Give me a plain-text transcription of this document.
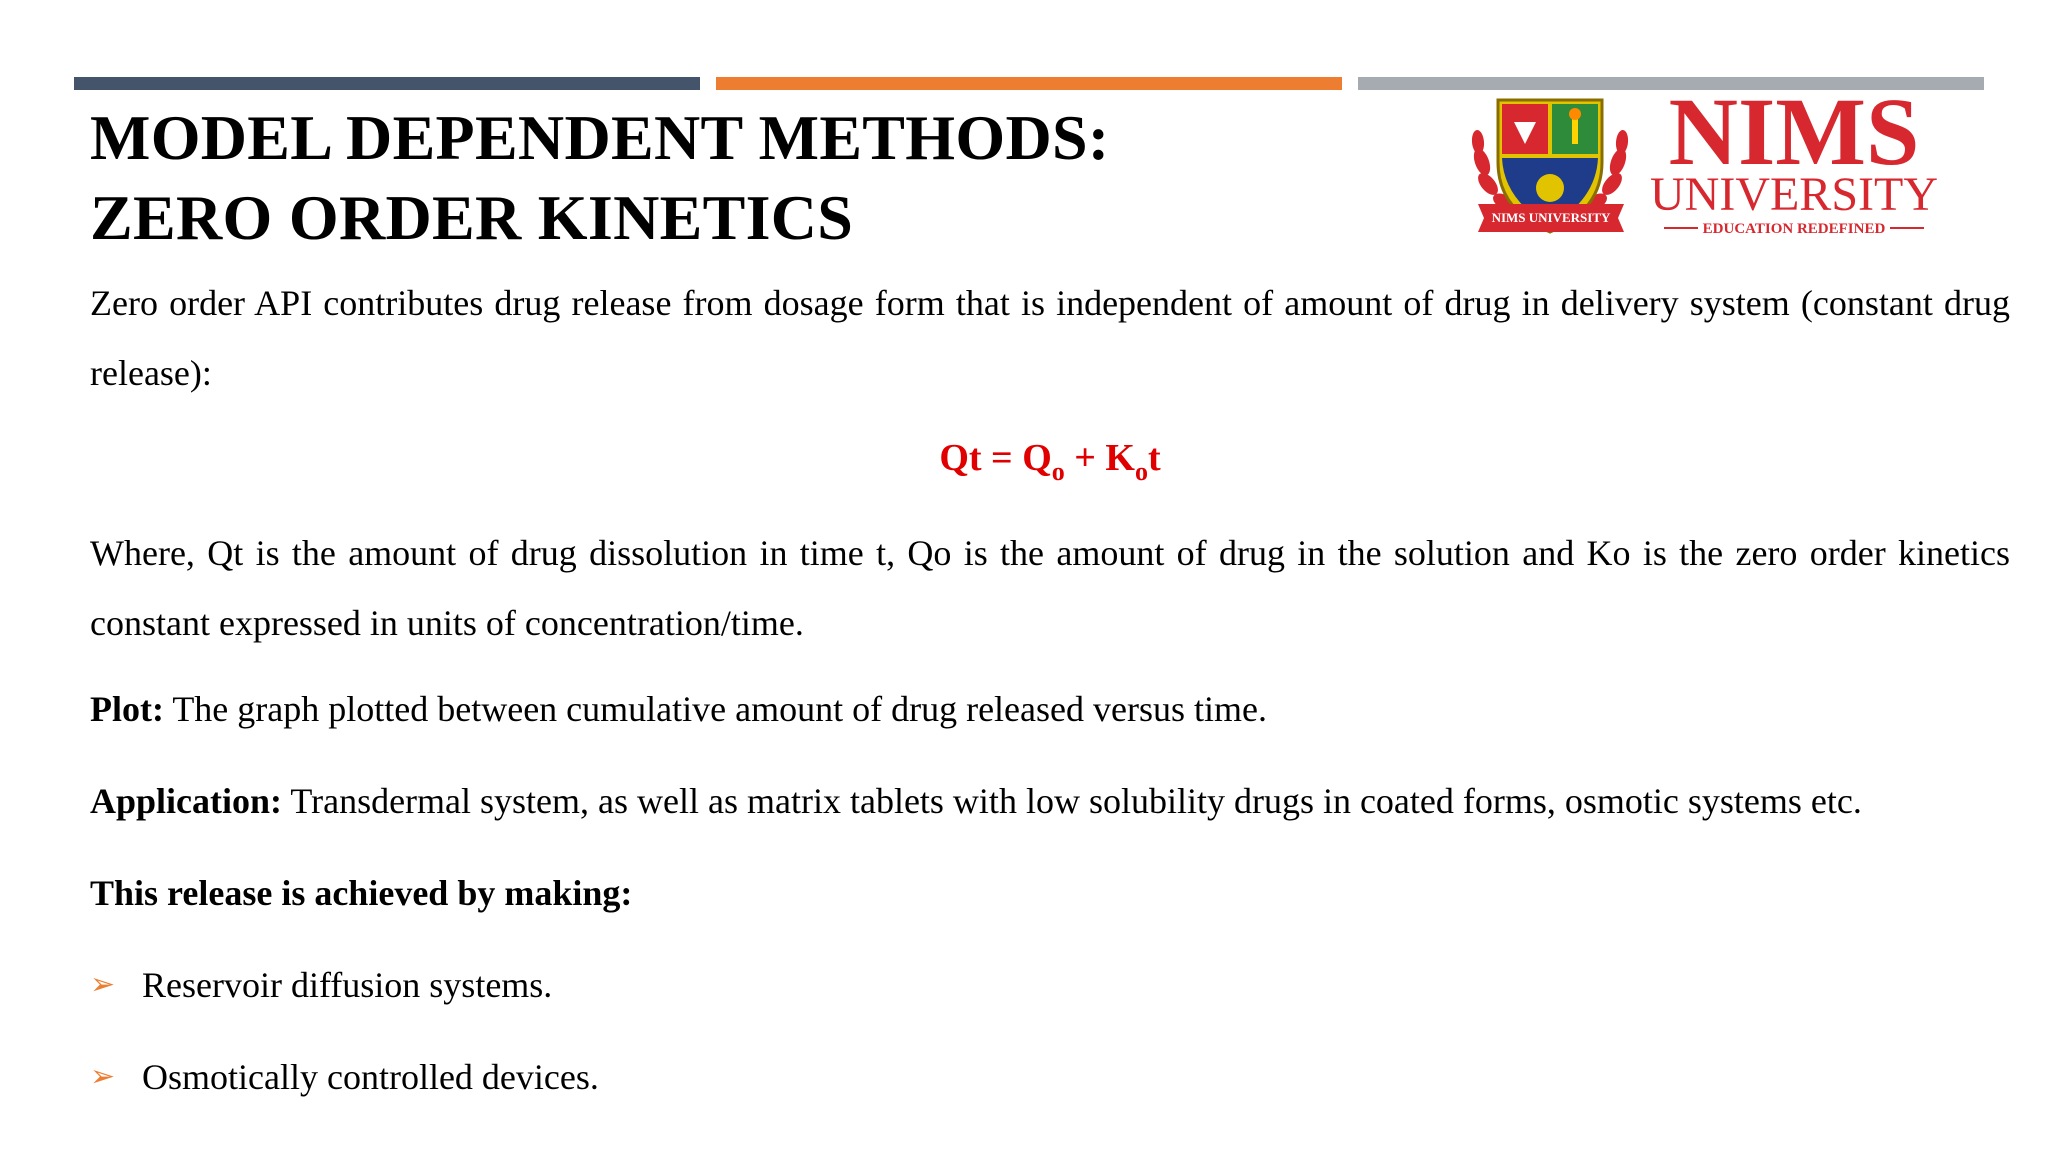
MODEL DEPENDENT METHODS:
ZERO ORDER KINETICS	NIMS UNIVERSITY
NIMS
UNIVERSITY
EDUCATION REDEFINED

Zero order API contributes drug release from dosage form that is independent of amount of drug in delivery system (constant drug release):

$Qt = Q_o + K_ot$

Where, Qt is the amount of drug dissolution in time t, Qo is the amount of drug in the solution and Ko is the zero order kinetics constant expressed in units of concentration/time.

Plot: The graph plotted between cumulative amount of drug released versus time.

Application: Transdermal system, as well as matrix tablets with low solubility drugs in coated forms, osmotic systems etc.

This release is achieved by making:

➢ Reservoir diffusion systems.
➢ Osmotically controlled devices.
